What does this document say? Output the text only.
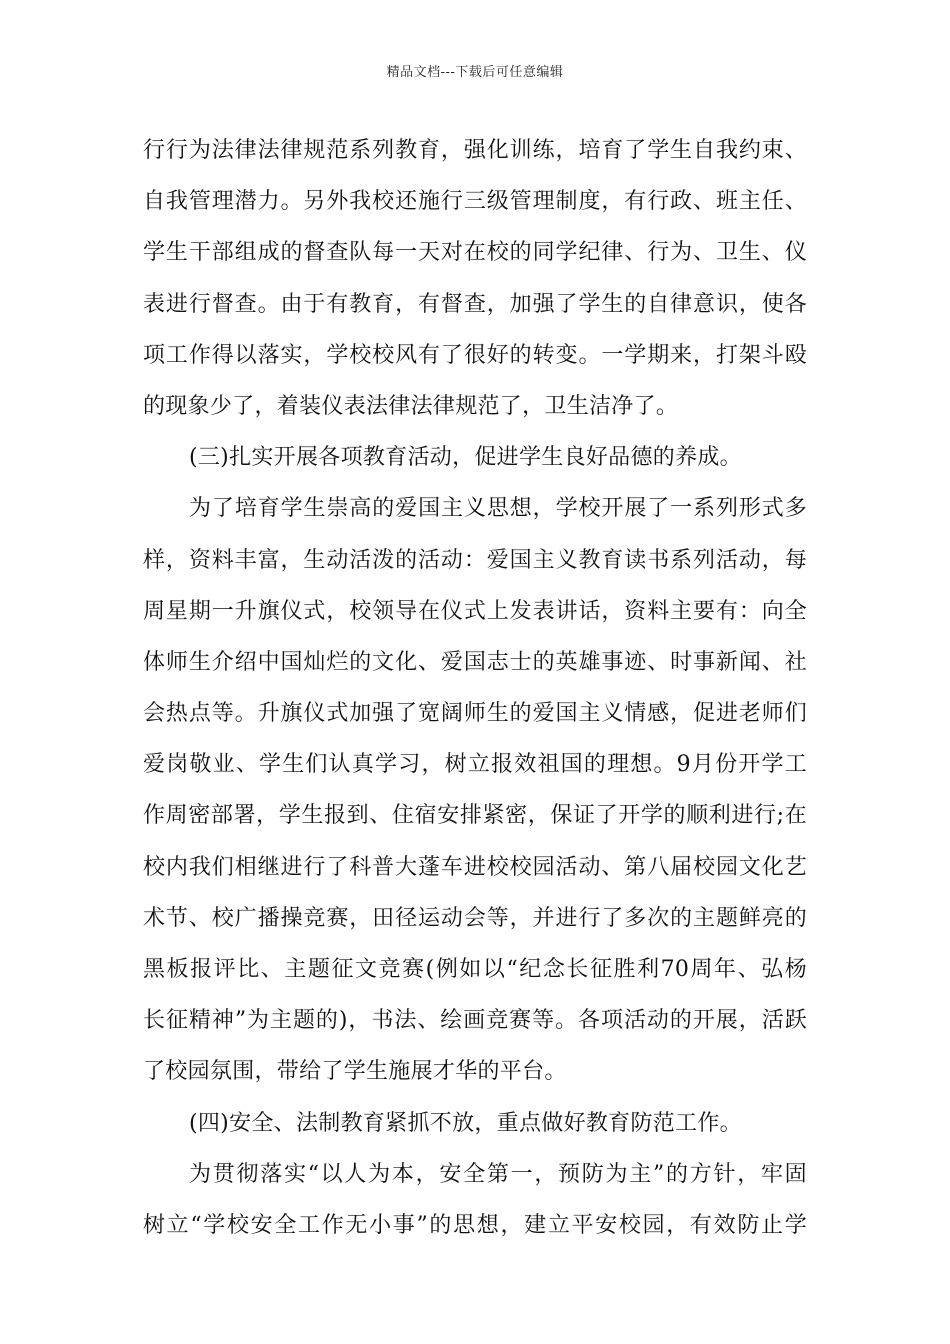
精品文档---下载后可任意编辑
行行为法律法律规范系列教育，强化训练，培育了学生自我约束、
自我管理潜力。另外我校还施行三级管理制度，有行政、班主任、
学生干部组成的督查队每一天对在校的同学纪律、行为、卫生、仪
表进行督查。由于有教育，有督查，加强了学生的自律意识，使各
项工作得以落实，学校校风有了很好的转变。一学期来，打架斗殴
的现象少了，着装仪表法律法律规范了，卫生洁净了。
(三)扎实开展各项教育活动，促进学生良好品德的养成。
为了培育学生崇高的爱国主义思想，学校开展了一系列形式多
样，资料丰富，生动活泼的活动：爱国主义教育读书系列活动，每
周星期一升旗仪式，校领导在仪式上发表讲话，资料主要有：向全
体师生介绍中国灿烂的文化、爱国志士的英雄事迹、时事新闻、社
会热点等。升旗仪式加强了宽阔师生的爱国主义情感，促进老师们
爱岗敬业、学生们认真学习，树立报效祖国的理想。9月份开学工
作周密部署，学生报到、住宿安排紧密，保证了开学的顺利进行;在
校内我们相继进行了科普大蓬车进校校园活动、第八届校园文化艺
术节、校广播操竞赛，田径运动会等，并进行了多次的主题鲜亮的
黑板报评比、主题征文竞赛(例如以“纪念长征胜利70周年、弘杨
长征精神”为主题的)，书法、绘画竞赛等。各项活动的开展，活跃
了校园氛围，带给了学生施展才华的平台。
(四)安全、法制教育紧抓不放，重点做好教育防范工作。
为贯彻落实“以人为本，安全第一，预防为主”的方针，牢固
树立“学校安全工作无小事”的思想，建立平安校园，有效防止学
